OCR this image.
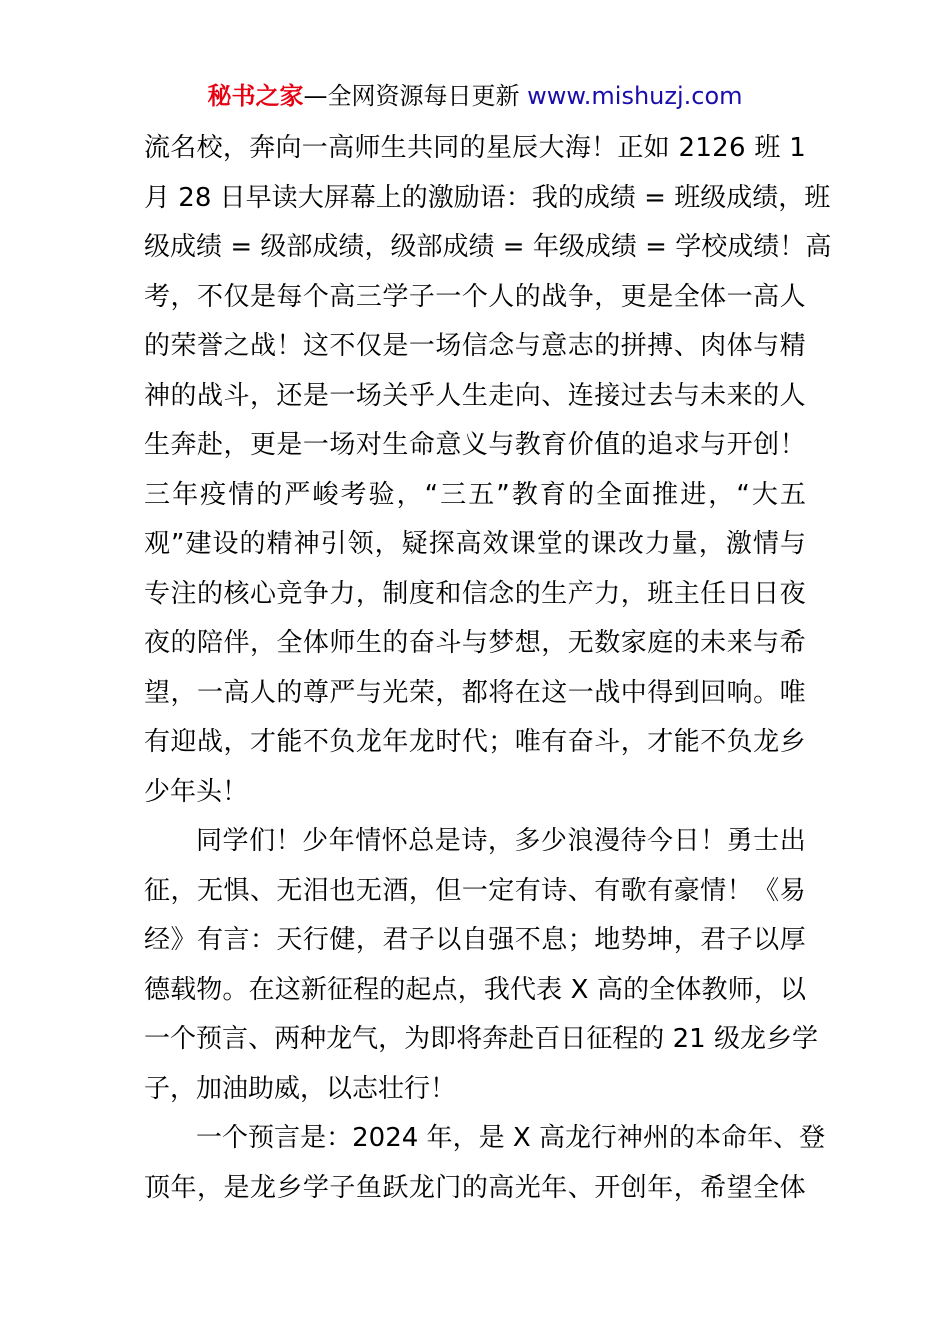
秘书之家—全网资源每日更新 www.mishuzj.com
流 名 校 ， 奔 向 一 高 师 生 共 同 的 星 辰 大 海 ！ 正 如
2 1 2 6
班
1
月
2 8
日 早 读 大 屏 幕 上 的 激 励 语 ： 我 的 成 绩
=
班 级 成 绩 ， 班
级 成 绩
=
级 部 成 绩 ， 级 部 成 绩
=
年 级 成 绩
=
学 校 成 绩 ！ 高
考 ， 不 仅 是 每 个 高 三 学 子 一 个 人 的 战 争 ， 更 是 全 体 一 高 人
的 荣 誉 之 战 ！ 这 不 仅 是 一 场 信 念 与 意 志 的 拼 搏 、 肉 体 与 精
神 的 战 斗 ， 还 是 一 场 关 乎 人 生 走 向 、 连 接 过 去 与 未 来 的 人
生 奔 赴 ， 更 是 一 场 对 生 命 意 义 与 教 育 价 值 的 追 求 与 开 创 ！
三 年 疫 情 的 严 峻 考 验 ， “ 三 五 ” 教 育 的 全 面 推 进 ， “ 大 五
观 ” 建 设 的 精 神 引 领 ， 疑 探 高 效 课 堂 的 课 改 力 量 ， 激 情 与
专 注 的 核 心 竞 争 力 ， 制 度 和 信 念 的 生 产 力 ， 班 主 任 日 日 夜
夜 的 陪 伴 ， 全 体 师 生 的 奋 斗 与 梦 想 ， 无 数 家 庭 的 未 来 与 希
望 ， 一 高 人 的 尊 严 与 光 荣 ， 都 将 在 这 一 战 中 得 到 回 响 。 唯
有 迎 战 ， 才 能 不 负 龙 年 龙 时 代 ； 唯 有 奋 斗 ， 才 能 不 负 龙 乡
少年头！
同 学 们 ！ 少 年 情 怀 总 是 诗 ， 多 少 浪 漫 待 今 日 ！ 勇 士 出
征 ， 无 惧 、 无 泪 也 无 酒 ， 但 一 定 有 诗 、 有 歌 有 豪 情 ！ 《 易
经 》 有 言 ： 天 行 健 ， 君 子 以 自 强 不 息 ； 地 势 坤 ， 君 子 以 厚
德 载 物 。 在 这 新 征 程 的 起 点 ， 我 代 表
X
高 的 全 体 教 师 ， 以
一 个 预 言 、 两 种 龙 气 ， 为 即 将 奔 赴 百 日 征 程 的
2 1
级 龙 乡 学
子，加油助威，以志壮行！
一 个 预 言 是 ： 2 0 2 4
年 ， 是
X
高 龙 行 神 州 的 本 命 年 、 登
顶 年 ， 是 龙 乡 学 子 鱼 跃 龙 门 的 高 光 年 、 开 创 年 ， 希 望 全 体
